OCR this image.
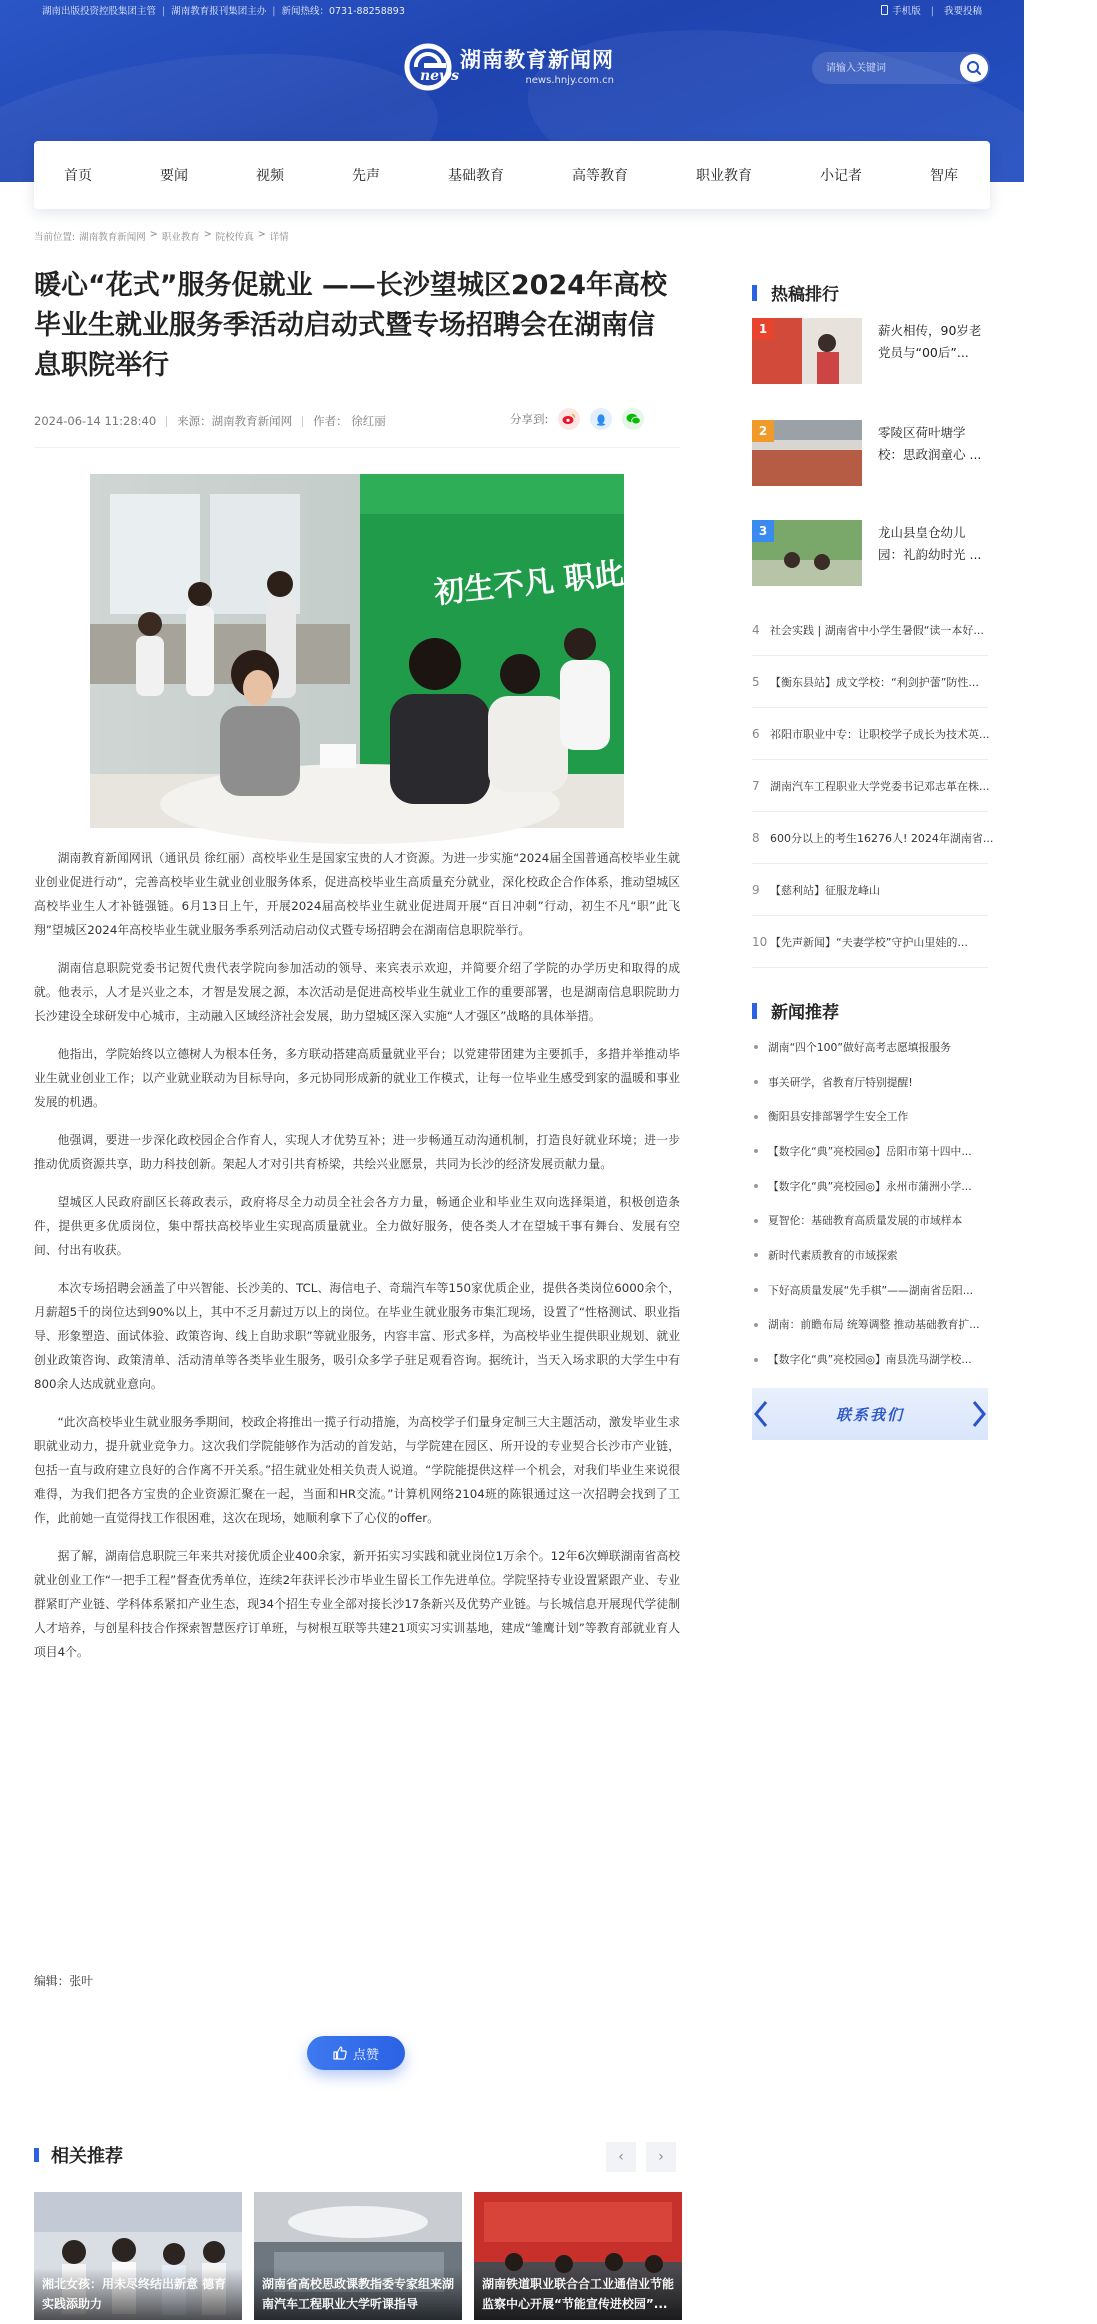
湖南出版投资控股集团主管 | 湖南教育报刊集团主办 | 新闻热线：0731-88258893	手机版 | 我要投稿
湖南教育新闻网
news.hnjy.com.cn
news
请输入关键词
首页	要闻	视频	先声	基础教育	高等教育	职业教育	小记者	智库
当前位置: 湖南教育新闻网 > 职业教育 > 院校传真 > 详情
暖心“花式”服务促就业 ——长沙望城区2024年高校毕业生就业服务季活动启动式暨专场招聘会在湖南信息职院举行
2024-06-14 11:28:40 来源：湖南教育新闻网 作者： 徐红丽	分享到:
初生不凡 职此飞翔

湖南教育新闻网讯（通讯员 徐红丽）高校毕业生是国家宝贵的人才资源。为进一步实施“2024届全国普通高校毕业生就业创业促进行动”，完善高校毕业生就业创业服务体系，促进高校毕业生高质量充分就业，深化校政企合作体系，推动望城区高校毕业生人才补链强链。6月13日上午，开展2024届高校毕业生就业促进周开展“百日冲刺”行动，初生不凡“职”此飞翔”望城区2024年高校毕业生就业服务季系列活动启动仪式暨专场招聘会在湖南信息职院举行。

湖南信息职院党委书记贺代贵代表学院向参加活动的领导、来宾表示欢迎，并简要介绍了学院的办学历史和取得的成就。他表示，人才是兴业之本，才智是发展之源，本次活动是促进高校毕业生就业工作的重要部署，也是湖南信息职院助力长沙建设全球研发中心城市，主动融入区域经济社会发展，助力望城区深入实施“人才强区”战略的具体举措。

他指出，学院始终以立德树人为根本任务，多方联动搭建高质量就业平台；以党建带团建为主要抓手，多措并举推动毕业生就业创业工作；以产业就业联动为目标导向，多元协同形成新的就业工作模式，让每一位毕业生感受到家的温暖和事业发展的机遇。

他强调，要进一步深化政校园企合作育人，实现人才优势互补；进一步畅通互动沟通机制，打造良好就业环境；进一步推动优质资源共享，助力科技创新。架起人才对引共育桥梁，共绘兴业愿景，共同为长沙的经济发展贡献力量。

望城区人民政府副区长蒋政表示，政府将尽全力动员全社会各方力量，畅通企业和毕业生双向选择渠道，积极创造条件，提供更多优质岗位，集中帮扶高校毕业生实现高质量就业。全力做好服务，使各类人才在望城干事有舞台、发展有空间、付出有收获。

本次专场招聘会涵盖了中兴智能、长沙美的、TCL、海信电子、奇瑞汽车等150家优质企业，提供各类岗位6000余个，月薪超5千的岗位达到90%以上，其中不乏月薪过万以上的岗位。在毕业生就业服务市集汇现场，设置了“性格测试、职业指导、形象塑造、面试体验、政策咨询、线上自助求职”等就业服务，内容丰富、形式多样，为高校毕业生提供职业规划、就业创业政策咨询、政策清单、活动清单等各类毕业生服务，吸引众多学子驻足观看咨询。据统计，当天入场求职的大学生中有800余人达成就业意向。

“此次高校毕业生就业服务季期间，校政企将推出一揽子行动措施，为高校学子们量身定制三大主题活动，激发毕业生求职就业动力，提升就业竞争力。这次我们学院能够作为活动的首发站，与学院建在园区、所开设的专业契合长沙市产业链，包括一直与政府建立良好的合作离不开关系。”招生就业处相关负责人说道。“学院能提供这样一个机会，对我们毕业生来说很难得，为我们把各方宝贵的企业资源汇聚在一起，当面和HR交流。”计算机网络2104班的陈银通过这一次招聘会找到了工作，此前她一直觉得找工作很困难，这次在现场，她顺利拿下了心仪的offer。

据了解，湖南信息职院三年来共对接优质企业400余家，新开拓实习实践和就业岗位1万余个。12年6次蝉联湖南省高校就业创业工作“一把手工程”督查优秀单位，连续2年获评长沙市毕业生留长工作先进单位。学院坚持专业设置紧跟产业、专业群紧盯产业链、学科体系紧扣产业生态，现34个招生专业全部对接长沙17条新兴及优势产业链。与长城信息开展现代学徒制人才培养，与创星科技合作探索智慧医疗订单班，与树根互联等共建21项实习实训基地，建成“雏鹰计划”等教育部就业育人项目4个。

编辑：张叶
点赞
相关推荐	‹ ›
湘北女孩：用未尽终结出新意 德育实践添助力
湖南省高校思政课教指委专家组来湖南汽车工程职业大学听课指导
湖南铁道职业联合合工业通信业节能监察中心开展“节能宣传进校园”...
热稿排行
1	薪火相传，90岁老党员与“00后”...
2	零陵区荷叶塘学校：思政润童心 ...
3	龙山县皇仓幼儿园：礼韵幼时光 ...
4 社会实践 | 湖南省中小学生暑假“读一本好...
5 【衡东县站】成文学校：“利剑护蕾”防性...
6 祁阳市职业中专：让职校学子成长为技术英...
7 湖南汽车工程职业大学党委书记邓志革在株...
8 600分以上的考生16276人! 2024年湖南省...
9 【慈利站】征服龙峰山
10 【先声新闻】“夫妻学校”守护山里娃的...
新闻推荐
湖南“四个100”做好高考志愿填报服务
事关研学，省教育厅特别提醒!
衡阳县安排部署学生安全工作
【数字化“典”亮校园◎】岳阳市第十四中...
【数字化“典”亮校园◎】永州市蒲洲小学...
夏智伦：基础教育高质量发展的市域样本
新时代素质教育的市域探索
下好高质量发展“先手棋”——湖南省岳阳...
湖南：前瞻布局 统筹调整 推动基础教育扩...
【数字化“典”亮校园◎】南县洗马湖学校...
联系我们
